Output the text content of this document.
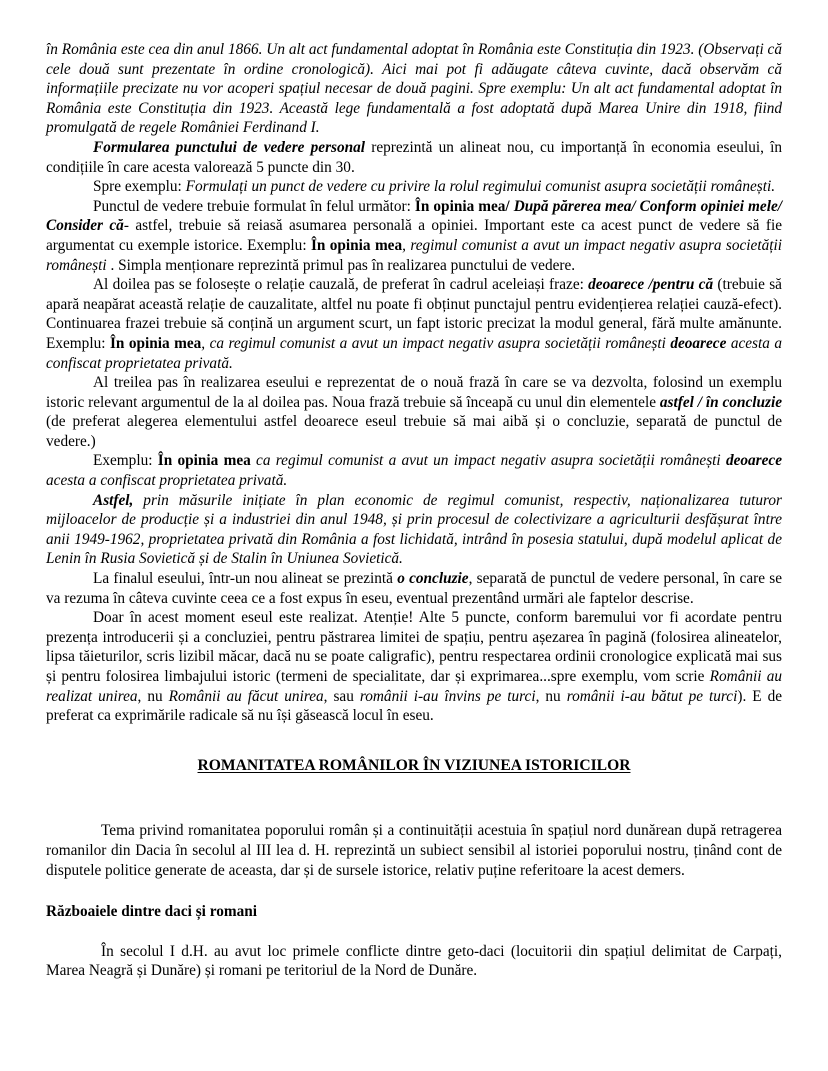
în România este cea din anul 1866. Un alt act fundamental adoptat în România este Constituția din 1923. (Observați că cele două sunt prezentate în ordine cronologică). Aici mai pot fi adăugate câteva cuvinte, dacă observăm că informațiile precizate nu vor acoperi spațiul necesar de două pagini. Spre exemplu: Un alt act fundamental adoptat în România este Constituția din 1923. Această lege fundamentală a fost adoptată după Marea Unire din 1918, fiind promulgată de regele României Ferdinand I.

Formularea punctului de vedere personal reprezintă un alineat nou, cu importanță în economia eseului, în condițiile în care acesta valorează 5 puncte din 30.

Spre exemplu: Formulați un punct de vedere cu privire la rolul regimului comunist asupra societății românești.

Punctul de vedere trebuie formulat în felul următor: În opinia mea/ După părerea mea/ Conform opiniei mele/ Consider că- astfel, trebuie să reiasă asumarea personală a opiniei. Important este ca acest punct de vedere să fie argumentat cu exemple istorice. Exemplu: În opinia mea, regimul comunist a avut un impact negativ asupra societății românești . Simpla menționare reprezintă primul pas în realizarea punctului de vedere.

Al doilea pas se folosește o relație cauzală, de preferat în cadrul aceleiași fraze: deoarece /pentru că (trebuie să apară neapărat această relație de cauzalitate, altfel nu poate fi obținut punctajul pentru evidențierea relației cauză-efect). Continuarea frazei trebuie să conțină un argument scurt, un fapt istoric precizat la modul general, fără multe amănunte. Exemplu: În opinia mea, ca regimul comunist a avut un impact negativ asupra societății românești deoarece acesta a confiscat proprietatea privată.

Al treilea pas în realizarea eseului e reprezentat de o nouă frază în care se va dezvolta, folosind un exemplu istoric relevant argumentul de la al doilea pas. Noua frază trebuie să înceapă cu unul din elementele astfel / în concluzie (de preferat alegerea elementului astfel deoarece eseul trebuie să mai aibă și o concluzie, separată de punctul de vedere.)

Exemplu: În opinia mea ca regimul comunist a avut un impact negativ asupra societății românești deoarece acesta a confiscat proprietatea privată.

Astfel, prin măsurile inițiate în plan economic de regimul comunist, respectiv, naționalizarea tuturor mijloacelor de producție și a industriei din anul 1948, și prin procesul de colectivizare a agriculturii desfășurat între anii 1949-1962, proprietatea privată din România a fost lichidată, intrând în posesia statului, după modelul aplicat de Lenin în Rusia Sovietică și de Stalin în Uniunea Sovietică.

La finalul eseului, într-un nou alineat se prezintă o concluzie, separată de punctul de vedere personal, în care se va rezuma în câteva cuvinte ceea ce a fost expus în eseu, eventual prezentând urmări ale faptelor descrise.

Doar în acest moment eseul este realizat. Atenție! Alte 5 puncte, conform baremului vor fi acordate pentru prezența introducerii și a concluziei, pentru păstrarea limitei de spațiu, pentru așezarea în pagină (folosirea alineatelor, lipsa tăieturilor, scris lizibil măcar, dacă nu se poate caligrafic), pentru respectarea ordinii cronologice explicată mai sus și pentru folosirea limbajului istoric (termeni de specialitate, dar și exprimarea...spre exemplu, vom scrie Românii au realizat unirea, nu Românii au făcut unirea, sau românii i-au învins pe turci, nu românii i-au bătut pe turci). E de preferat ca exprimările radicale să nu își găsească locul în eseu.

ROMANITATEA ROMÂNILOR ÎN VIZIUNEA ISTORICILOR

Tema privind romanitatea poporului român și a continuității acestuia în spațiul nord dunărean după retragerea romanilor din Dacia în secolul al III lea d. H. reprezintă un subiect sensibil al istoriei poporului nostru, ținând cont de disputele politice generate de aceasta, dar și de sursele istorice, relativ puține referitoare la acest demers.

Războaiele dintre daci și romani

În secolul I d.H. au avut loc primele conflicte dintre geto-daci (locuitorii din spațiul delimitat de Carpați, Marea Neagră și Dunăre) și romani pe teritoriul de la Nord de Dunăre.
